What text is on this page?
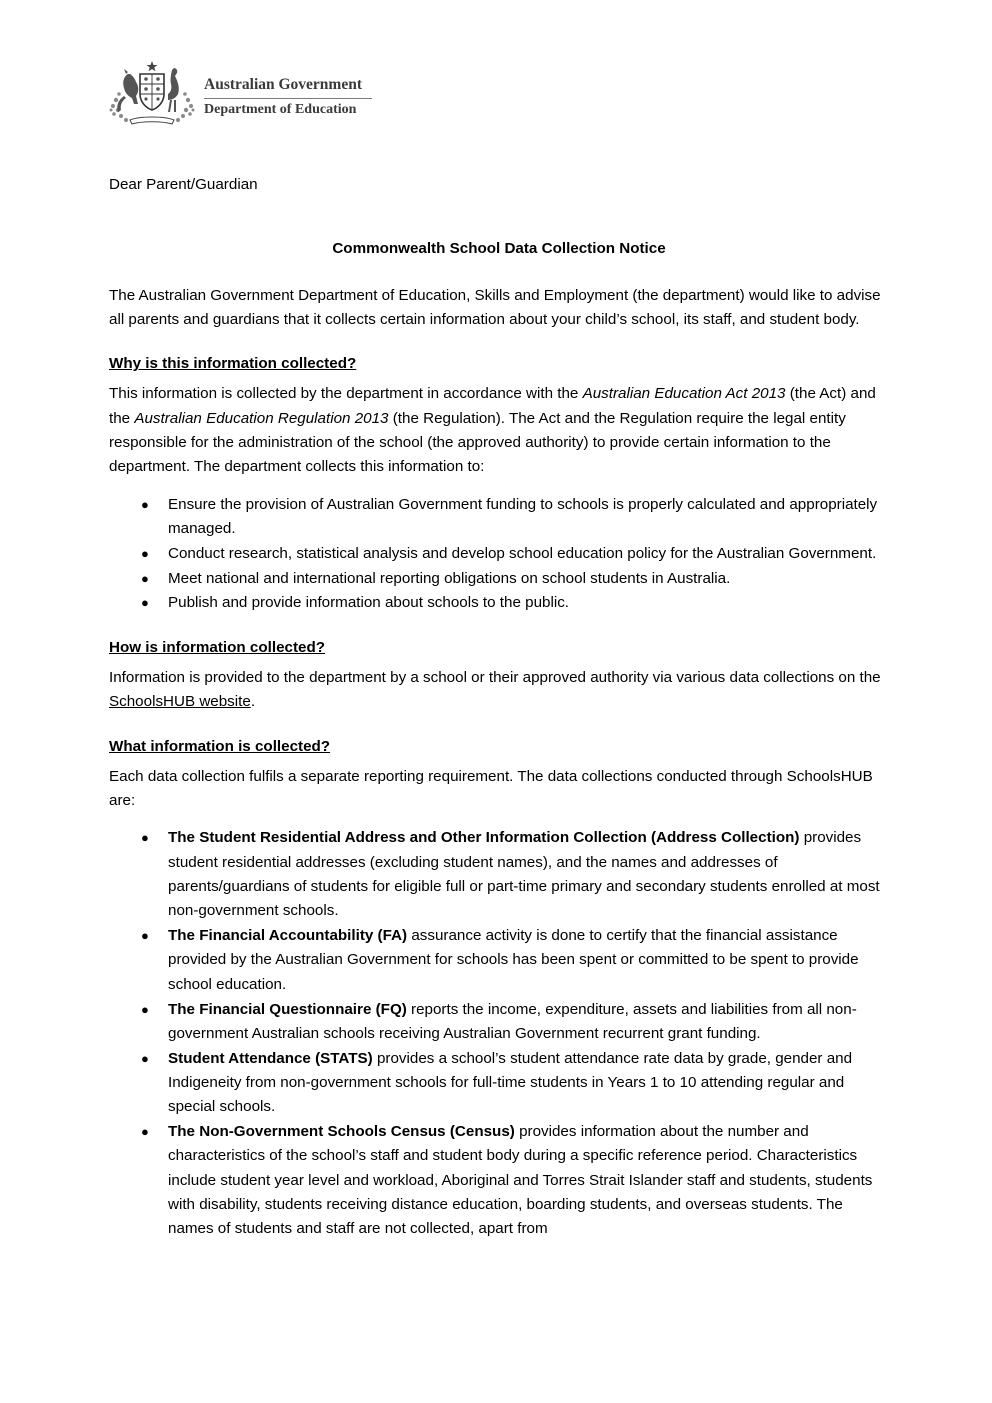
Australian Government
Department of Education

Dear Parent/Guardian

Commonwealth School Data Collection Notice

The Australian Government Department of Education, Skills and Employment (the department) would like to advise all parents and guardians that it collects certain information about your child’s school, its staff, and student body.

Why is this information collected?

This information is collected by the department in accordance with the Australian Education Act 2013 (the Act) and the Australian Education Regulation 2013 (the Regulation). The Act and the Regulation require the legal entity responsible for the administration of the school (the approved authority) to provide certain information to the department. The department collects this information to:

● Ensure the provision of Australian Government funding to schools is properly calculated and appropriately managed.
● Conduct research, statistical analysis and develop school education policy for the Australian Government.
● Meet national and international reporting obligations on school students in Australia.
● Publish and provide information about schools to the public.

How is information collected?

Information is provided to the department by a school or their approved authority via various data collections on the SchoolsHUB website.

What information is collected?

Each data collection fulfils a separate reporting requirement. The data collections conducted through SchoolsHUB are:

● The Student Residential Address and Other Information Collection (Address Collection) provides student residential addresses (excluding student names), and the names and addresses of parents/guardians of students for eligible full or part-time primary and secondary students enrolled at most non-government schools.
● The Financial Accountability (FA) assurance activity is done to certify that the financial assistance provided by the Australian Government for schools has been spent or committed to be spent to provide school education.
● The Financial Questionnaire (FQ) reports the income, expenditure, assets and liabilities from all non-government Australian schools receiving Australian Government recurrent grant funding.
● Student Attendance (STATS) provides a school’s student attendance rate data by grade, gender and Indigeneity from non-government schools for full-time students in Years 1 to 10 attending regular and special schools.
● The Non-Government Schools Census (Census) provides information about the number and characteristics of the school’s staff and student body during a specific reference period. Characteristics include student year level and workload, Aboriginal and Torres Strait Islander staff and students, students with disability, students receiving distance education, boarding students, and overseas students. The names of students and staff are not collected, apart from
